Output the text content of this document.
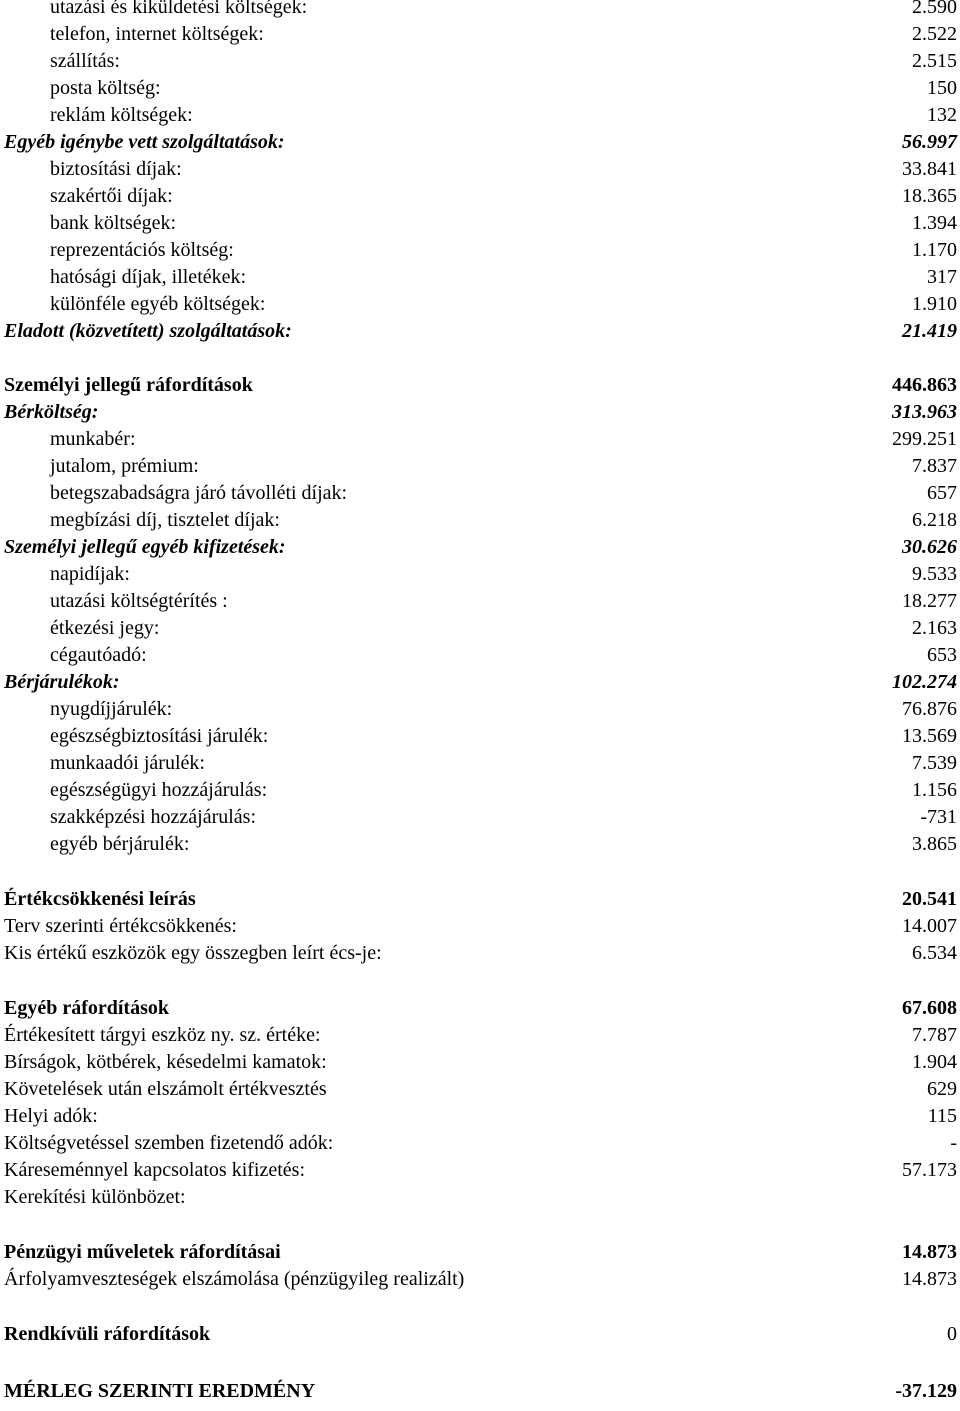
utazási és kiküldetési költségek:	2.590
telefon, internet költségek:	2.522
szállítás:	2.515
posta költség:	150
reklám költségek:	132
Egyéb igénybe vett szolgáltatások:	56.997
biztosítási díjak:	33.841
szakértői díjak:	18.365
bank költségek:	1.394
reprezentációs költség:	1.170
hatósági díjak, illetékek:	317
különféle egyéb költségek:	1.910
Eladott (közvetített) szolgáltatások:	21.419
Személyi jellegű ráfordítások	446.863
Bérköltség:	313.963
munkabér:	299.251
jutalom, prémium:	7.837
betegszabadságra járó távolléti díjak:	657
megbízási díj, tisztelet díjak:	6.218
Személyi jellegű egyéb kifizetések:	30.626
napidíjak:	9.533
utazási költségtérítés :	18.277
étkezési jegy:	2.163
cégautóadó:	653
Bérjárulékok:	102.274
nyugdíjjárulék:	76.876
egészségbiztosítási járulék:	13.569
munkaadói járulék:	7.539
egészségügyi hozzájárulás:	1.156
szakképzési hozzájárulás:	-731
egyéb bérjárulék:	3.865
Értékcsökkenési leírás	20.541
Terv szerinti értékcsökkenés:	14.007
Kis értékű eszközök egy összegben leírt écs-je:	6.534
Egyéb ráfordítások	67.608
Értékesített tárgyi eszköz ny. sz. értéke:	7.787
Bírságok, kötbérek, késedelmi kamatok:	1.904
Követelések után elszámolt értékvesztés	629
Helyi adók:	115
Költségvetéssel szemben fizetendő adók:	-
Káreseménnyel kapcsolatos kifizetés:	57.173
Kerekítési különbözet:
Pénzügyi műveletek ráfordításai	14.873
Árfolyamveszteségek elszámolása (pénzügyileg realizált)	14.873
Rendkívüli ráfordítások	0
MÉRLEG SZERINTI EREDMÉNY	-37.129
